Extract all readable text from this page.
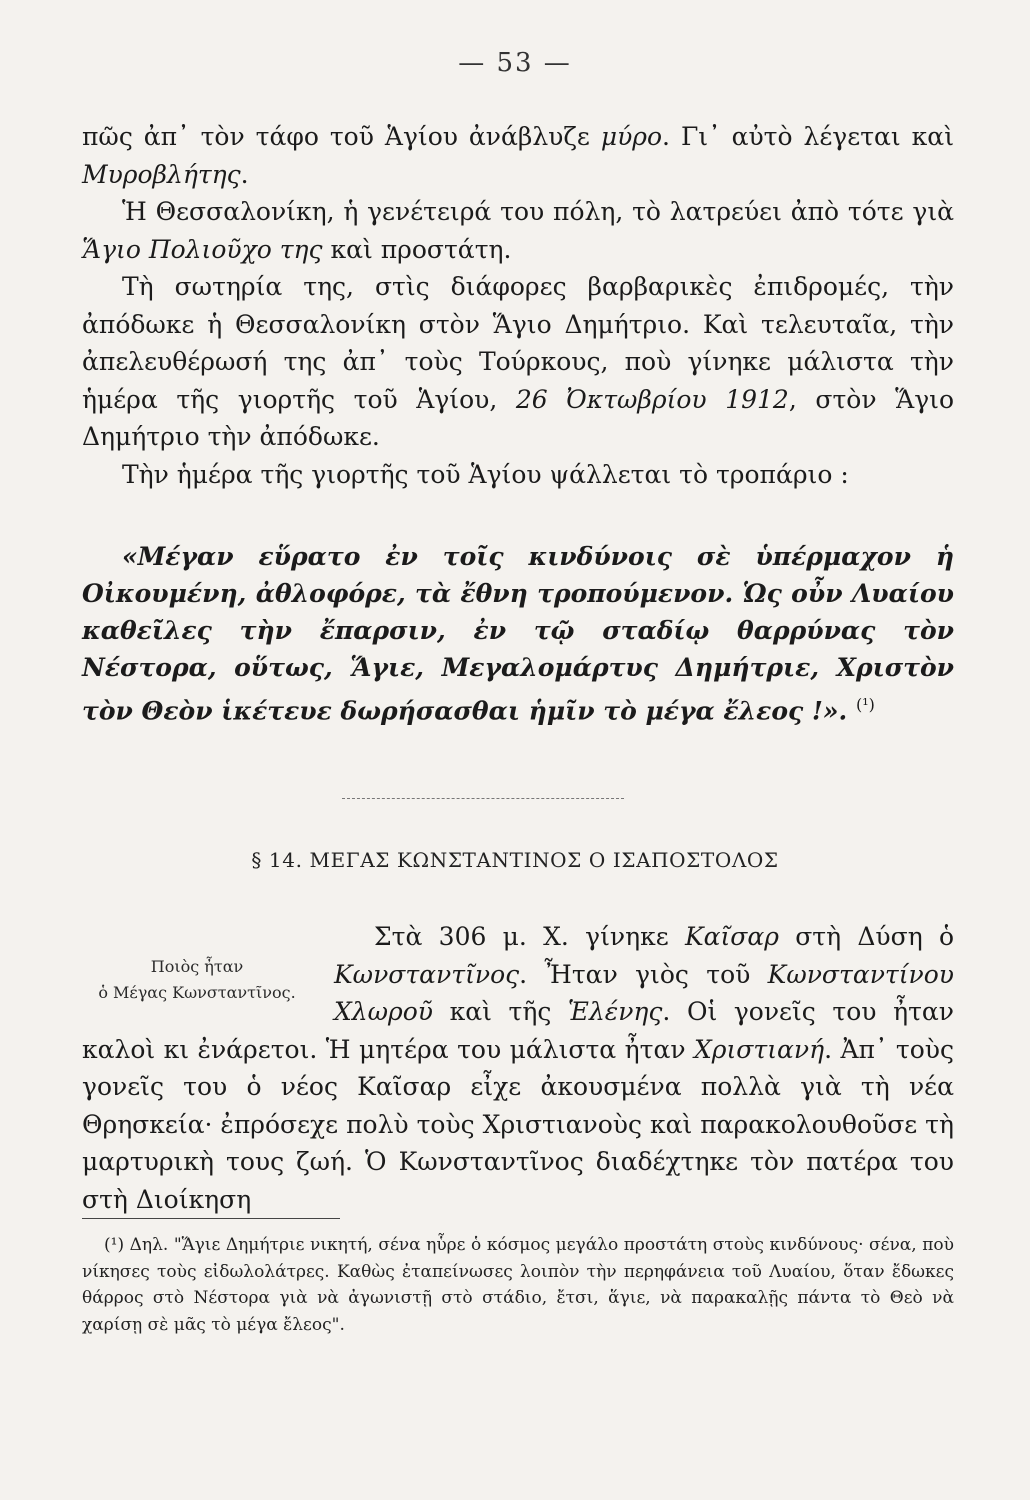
— 53 —

πῶς ἀπ᾽ τὸν τάφο τοῦ Ἁγίου ἀνάβλυζε μύρο. Γι᾽ αὐτὸ λέγεται καὶ Μυροβλήτης.

Ἡ Θεσσαλονίκη, ἡ γενέτειρά του πόλη, τὸ λατρεύει ἀπὸ τότε γιὰ Ἅγιο Πολιοῦχο της καὶ προστάτη.

Τὴ σωτηρία της, στὶς διάφορες βαρβαρικὲς ἐπιδρομές, τὴν ἀπόδωκε ἡ Θεσσαλονίκη στὸν Ἅγιο Δημήτριο. Καὶ τελευταῖα, τὴν ἀπελευθέρωσή της ἀπ᾽ τοὺς Τούρκους, ποὺ γίνηκε μάλιστα τὴν ἡμέρα τῆς γιορτῆς τοῦ Ἁγίου, 26 Ὀκτωβρίου 1912, στὸν Ἅγιο Δημήτριο τὴν ἀπόδωκε.

Τὴν ἡμέρα τῆς γιορτῆς τοῦ Ἁγίου ψάλλεται τὸ τροπάριο :

«Μέγαν εὕρατο ἐν τοῖς κινδύνοις σὲ ὑπέρμαχον ἡ Οἰκουμένη, ἀθλοφόρε, τὰ ἔθνη τροπούμενον. Ὡς οὖν Λυαίου καθεῖλες τὴν ἔπαρσιν, ἐν τῷ σταδίῳ θαρρύνας τὸν Νέστορα, οὕτως, Ἅγιε, Μεγαλομάρτυς Δημήτριε, Χριστὸν τὸν Θεὸν ἱκέτευε δωρήσασθαι ἡμῖν τὸ μέγα ἔλεος !». $^{(^1)}$
§ 14. ΜΕΓΑΣ ΚΩΝΣΤΑΝΤΙΝΟΣ Ο ΙΣΑΠΟΣΤΟΛΟΣ
Ποιὸς ἦταν
ὁ Μέγας Κωνσταντῖνος.

Στὰ 306 μ. Χ. γίνηκε Καῖσαρ στὴ Δύση ὁ Κωνσταντῖνος. Ἦταν γιὸς τοῦ Κωνσταντίνου Χλωροῦ καὶ τῆς Ἑλένης. Οἱ γονεῖς του ἦταν καλοὶ κι ἐνάρετοι. Ἡ μητέρα του μάλιστα ἦταν Χριστιανή. Ἀπ᾽ τοὺς γονεῖς του ὁ νέος Καῖσαρ εἶχε ἀκουσμένα πολλὰ γιὰ τὴ νέα Θρησκεία· ἐπρόσεχε πολὺ τοὺς Χριστιανοὺς καὶ παρακολουθοῦσε τὴ μαρτυρικὴ τους ζωή. Ὁ Κωνσταντῖνος διαδέχτηκε τὸν πατέρα του στὴ Διοίκηση

(¹) Δηλ. "Ἅγιε Δημήτριε νικητή, σένα ηὗρε ὁ κόσμος μεγάλο προστάτη στοὺς κινδύνους· σένα, ποὺ νίκησες τοὺς εἰδωλολάτρες. Καθὼς ἐταπείνωσες λοιπὸν τὴν περηφάνεια τοῦ Λυαίου, ὅταν ἔδωκες θάρρος στὸ Νέστορα γιὰ νὰ ἀγωνιστῇ στὸ στάδιο, ἔτσι, ἅγιε, νὰ παρακαλῇς πάντα τὸ Θεὸ νὰ χαρίσῃ σὲ μᾶς τὸ μέγα ἔλεος".
